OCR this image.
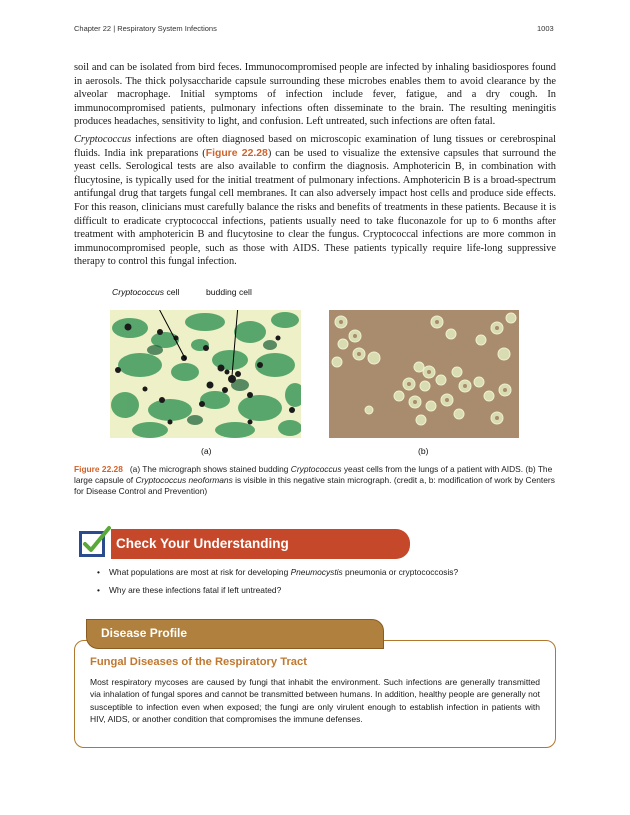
Chapter 22 | Respiratory System Infections	1003

soil and can be isolated from bird feces. Immunocompromised people are infected by inhaling basidiospores found in aerosols. The thick polysaccharide capsule surrounding these microbes enables them to avoid clearance by the alveolar macrophage. Initial symptoms of infection include fever, fatigue, and a dry cough. In immunocompromised patients, pulmonary infections often disseminate to the brain. The resulting meningitis produces headaches, sensitivity to light, and confusion. Left untreated, such infections are often fatal.

Cryptococcus infections are often diagnosed based on microscopic examination of lung tissues or cerebrospinal fluids. India ink preparations (Figure 22.28) can be used to visualize the extensive capsules that surround the yeast cells. Serological tests are also available to confirm the diagnosis. Amphotericin B, in combination with flucytosine, is typically used for the initial treatment of pulmonary infections. Amphotericin B is a broad-spectrum antifungal drug that targets fungal cell membranes. It can also adversely impact host cells and produce side effects. For this reason, clinicians must carefully balance the risks and benefits of treatments in these patients. Because it is difficult to eradicate cryptococcal infections, patients usually need to take fluconazole for up to 6 months after treatment with amphotericin B and flucytosine to clear the fungus. Cryptococcal infections are more common in immunocompromised people, such as those with AIDS. These patients typically require life-long suppressive therapy to control this fungal infection.

Cryptococcus cell	budding cell
(a)	(b)
Figure 22.28 (a) The micrograph shows stained budding Cryptococcus yeast cells from the lungs of a patient with AIDS. (b) The large capsule of Cryptococcus neoformans is visible in this negative stain micrograph. (credit a, b: modification of work by Centers for Disease Control and Prevention)
Check Your Understanding
•	What populations are most at risk for developing Pneumocystis pneumonia or cryptococcosis?
•	Why are these infections fatal if left untreated?
Disease Profile
Fungal Diseases of the Respiratory Tract
Most respiratory mycoses are caused by fungi that inhabit the environment. Such infections are generally transmitted via inhalation of fungal spores and cannot be transmitted between humans. In addition, healthy people are generally not susceptible to infection even when exposed; the fungi are only virulent enough to establish infection in patients with HIV, AIDS, or another condition that compromises the immune defenses.
